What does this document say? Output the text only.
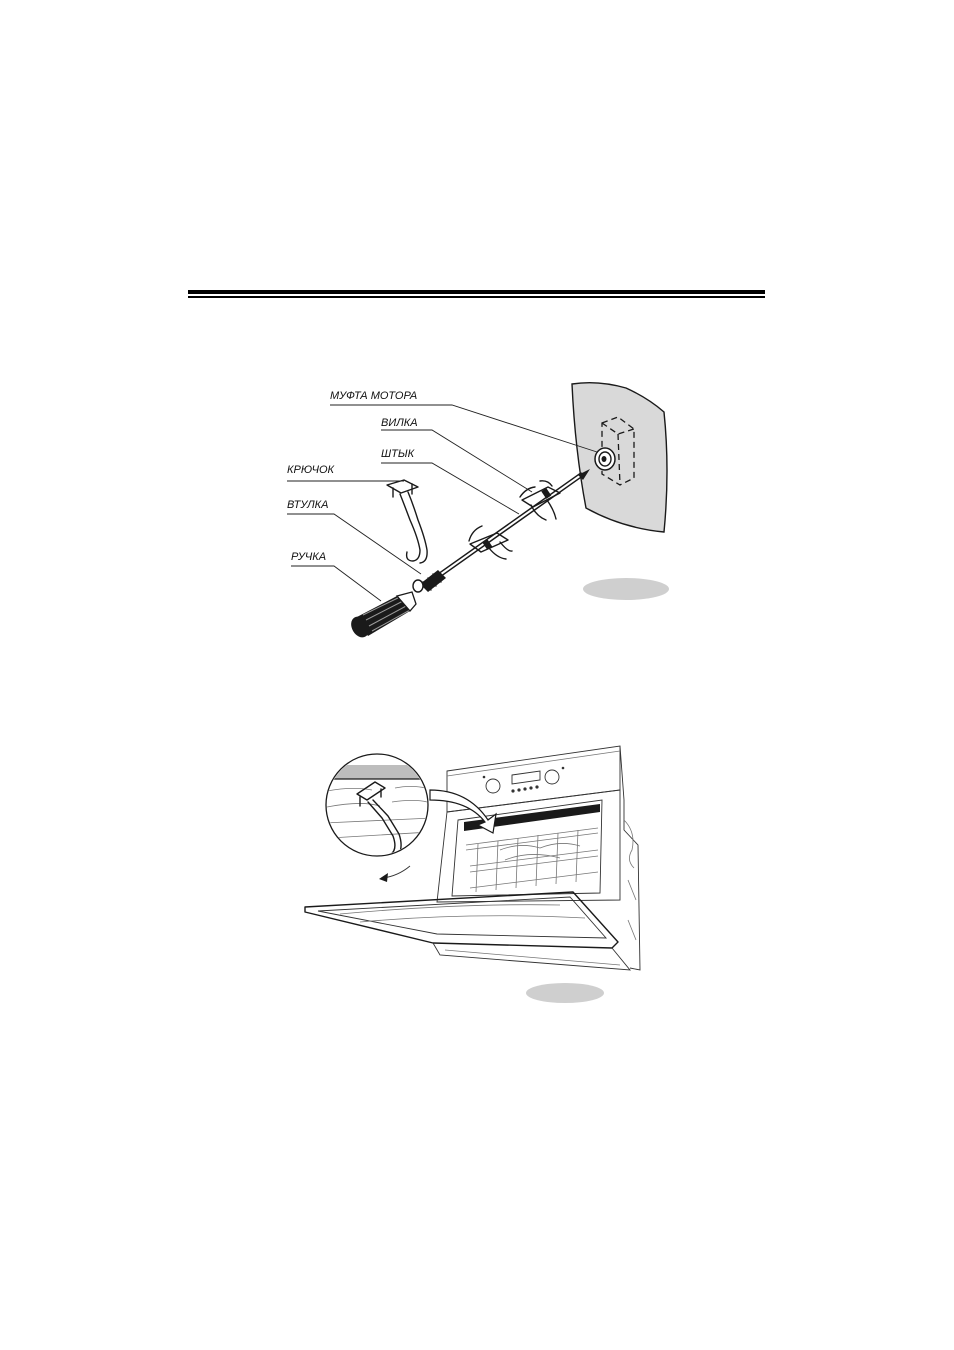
МУФТА МОТОРА
ВИЛКА
ШТЫК
КРЮЧОК
ВТУЛКА
РУЧКА
